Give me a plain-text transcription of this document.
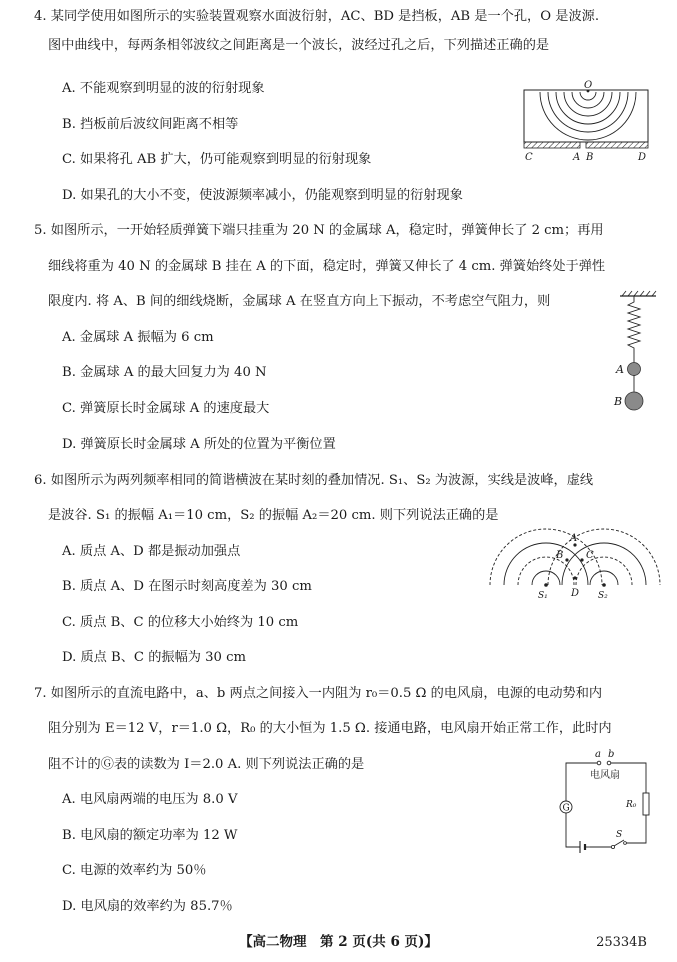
4. 某同学使用如图所示的实验装置观察水面波衍射，AC、BD 是挡板，AB 是一个孔，O 是波源.
图中曲线中，每两条相邻波纹之间距离是一个波长，波经过孔之后，下列描述正确的是
A. 不能观察到明显的波的衍射现象
B. 挡板前后波纹间距离不相等
C. 如果将孔 AB 扩大，仍可能观察到明显的衍射现象
D. 如果孔的大小不变，使波源频率减小，仍能观察到明显的衍射现象
O
C	A B	D
5. 如图所示，一开始轻质弹簧下端只挂重为 20 N 的金属球 A，稳定时，弹簧伸长了 2 cm；再用
细线将重为 40 N 的金属球 B 挂在 A 的下面，稳定时，弹簧又伸长了 4 cm. 弹簧始终处于弹性
限度内. 将 A、B 间的细线烧断，金属球 A 在竖直方向上下振动，不考虑空气阻力，则
A. 金属球 A 振幅为 6 cm
B. 金属球 A 的最大回复力为 40 N
C. 弹簧原长时金属球 A 的速度最大
D. 弹簧原长时金属球 A 所处的位置为平衡位置
A
B
6. 如图所示为两列频率相同的简谐横波在某时刻的叠加情况. S₁、S₂ 为波源，实线是波峰，虚线
是波谷. S₁ 的振幅 A₁＝10 cm，S₂ 的振幅 A₂＝20 cm. 则下列说法正确的是
A. 质点 A、D 都是振动加强点
B. 质点 A、D 在图示时刻高度差为 30 cm
C. 质点 B、C 的位移大小始终为 10 cm
D. 质点 B、C 的振幅为 30 cm
A
B C
D
S₁	S₂
7. 如图所示的直流电路中，a、b 两点之间接入一内阻为 r₀＝0.5 Ω 的电风扇，电源的电动势和内
阻分别为 E＝12 V，r＝1.0 Ω，R₀ 的大小恒为 1.5 Ω. 接通电路，电风扇开始正常工作，此时内
阻不计的Ⓖ表的读数为 I＝2.0 A. 则下列说法正确的是
A. 电风扇两端的电压为 8.0 V
B. 电风扇的额定功率为 12 W
C. 电源的效率约为 50％
D. 电风扇的效率约为 85.7％
a b
电风扇
G	R₀
S
【高二物理　第 2 页(共 6 页)】	25334B
